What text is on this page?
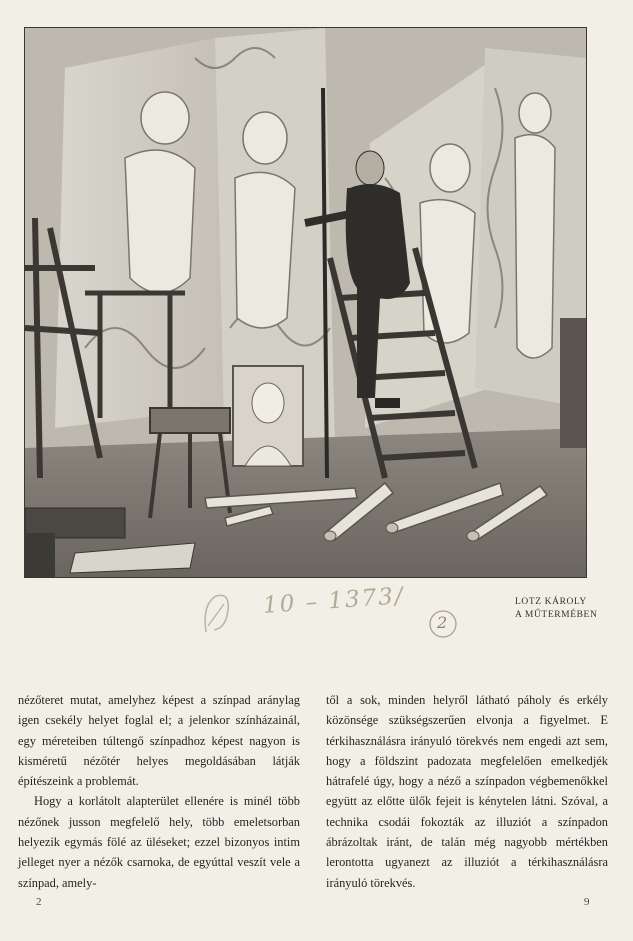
10 – 1373/
2
LOTZ KÁROLY
A MŰTERMÉBEN

nézőteret mutat, amelyhez képest a színpad aránylag igen csekély helyet foglal el; a jelenkor színházainál, egy méreteiben túltengő színpadhoz képest nagyon is kisméretű nézőtér helyes megoldásában látják építészeink a problemát.

Hogy a korlátolt alapterület ellenére is minél több nézőnek jusson megfelelő hely, több emeletsorban helyezik egymás fölé az üléseket; ezzel bizonyos intim jelleget nyer a nézők csarnoka, de egyúttal veszít vele a színpad, amely-

től a sok, minden helyről látható páholy és erkély közönsége szükségszerűen elvonja a figyelmet. E térkihasználásra irányuló törekvés nem engedi azt sem, hogy a földszint padozata megfelelően emelkedjék hátrafelé úgy, hogy a néző a színpadon végbemenőkkel együtt az előtte ülők fejeit is kénytelen látni. Szóval, a technika csodái fokozták az illuziót a színpadon ábrázoltak iránt, de talán még nagyobb mértékben lerontotta ugyanezt az illuziót a térkihasználásra irányuló törekvés.

2	9
